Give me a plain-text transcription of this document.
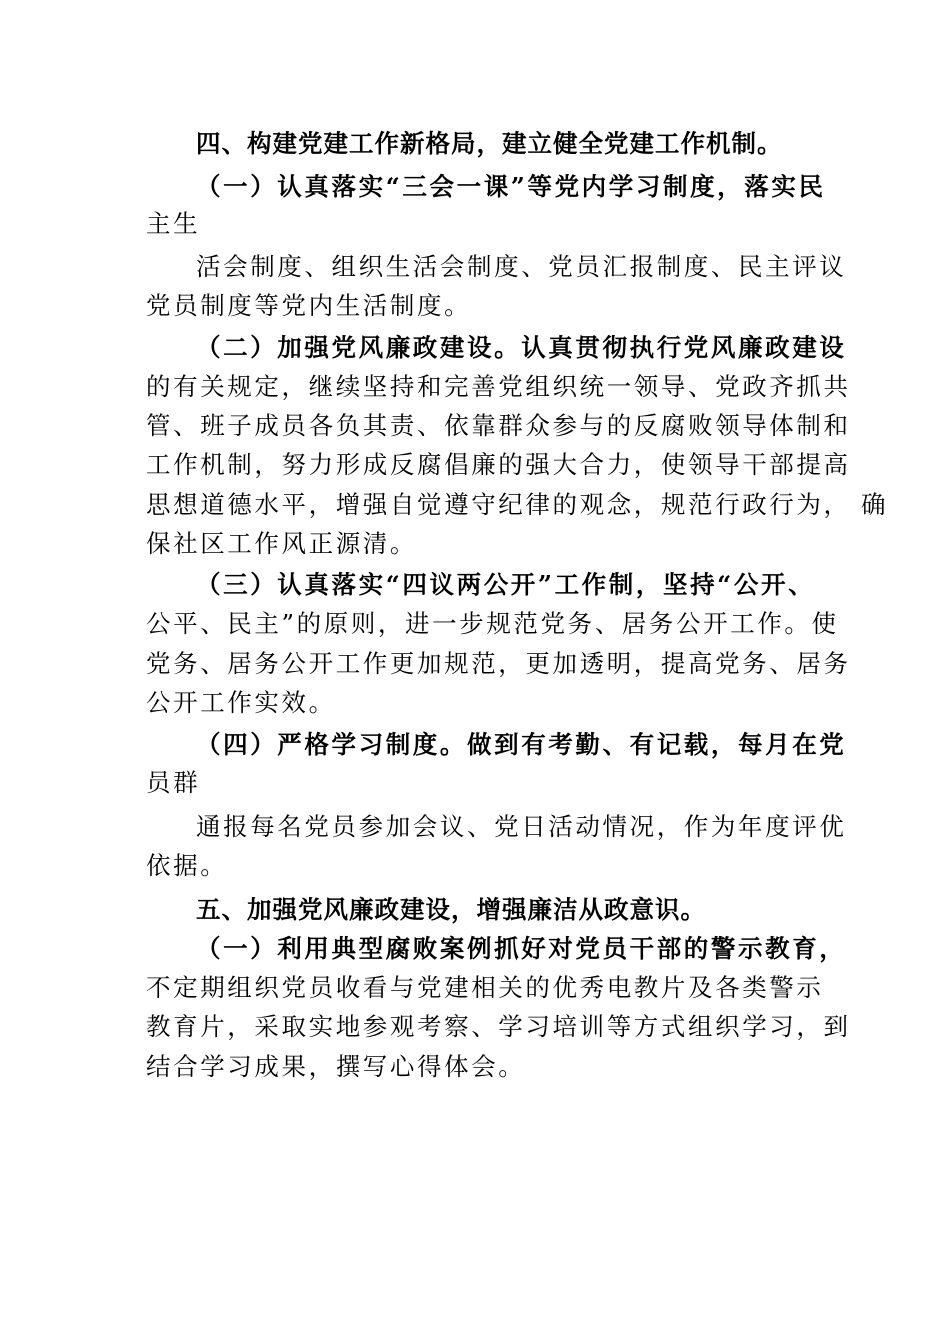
四、构建党建工作新格局，建立健全党建工作机制。
（一）认真落实“三会一课”等党内学习制度，落实民
主生
活会制度、组织生活会制度、党员汇报制度、民主评议
党员制度等党内生活制度。
（二）加强党风廉政建设。认真贯彻执行党风廉政建设
的有关规定，继续坚持和完善党组织统一领导、党政齐抓共
管、班子成员各负其责、依靠群众参与的反腐败领导体制和
工作机制，努力形成反腐倡廉的强大合力，使领导干部提高
思想道德水平，增强自觉遵守纪律的观念，规范行政行为， 确
保社区工作风正源清。
（三）认真落实“四议两公开”工作制，坚持“公开、
公平、民主”的原则，进一步规范党务、居务公开工作。使
党务、居务公开工作更加规范，更加透明，提高党务、居务
公开工作实效。
（四）严格学习制度。做到有考勤、有记载，每月在党
员群
通报每名党员参加会议、党日活动情况，作为年度评优
依据。
五、加强党风廉政建设，增强廉洁从政意识。
（一）利用典型腐败案例抓好对党员干部的警示教育，
不定期组织党员收看与党建相关的优秀电教片及各类警示
教育片，采取实地参观考察、学习培训等方式组织学习，到
结合学习成果，撰写心得体会。
